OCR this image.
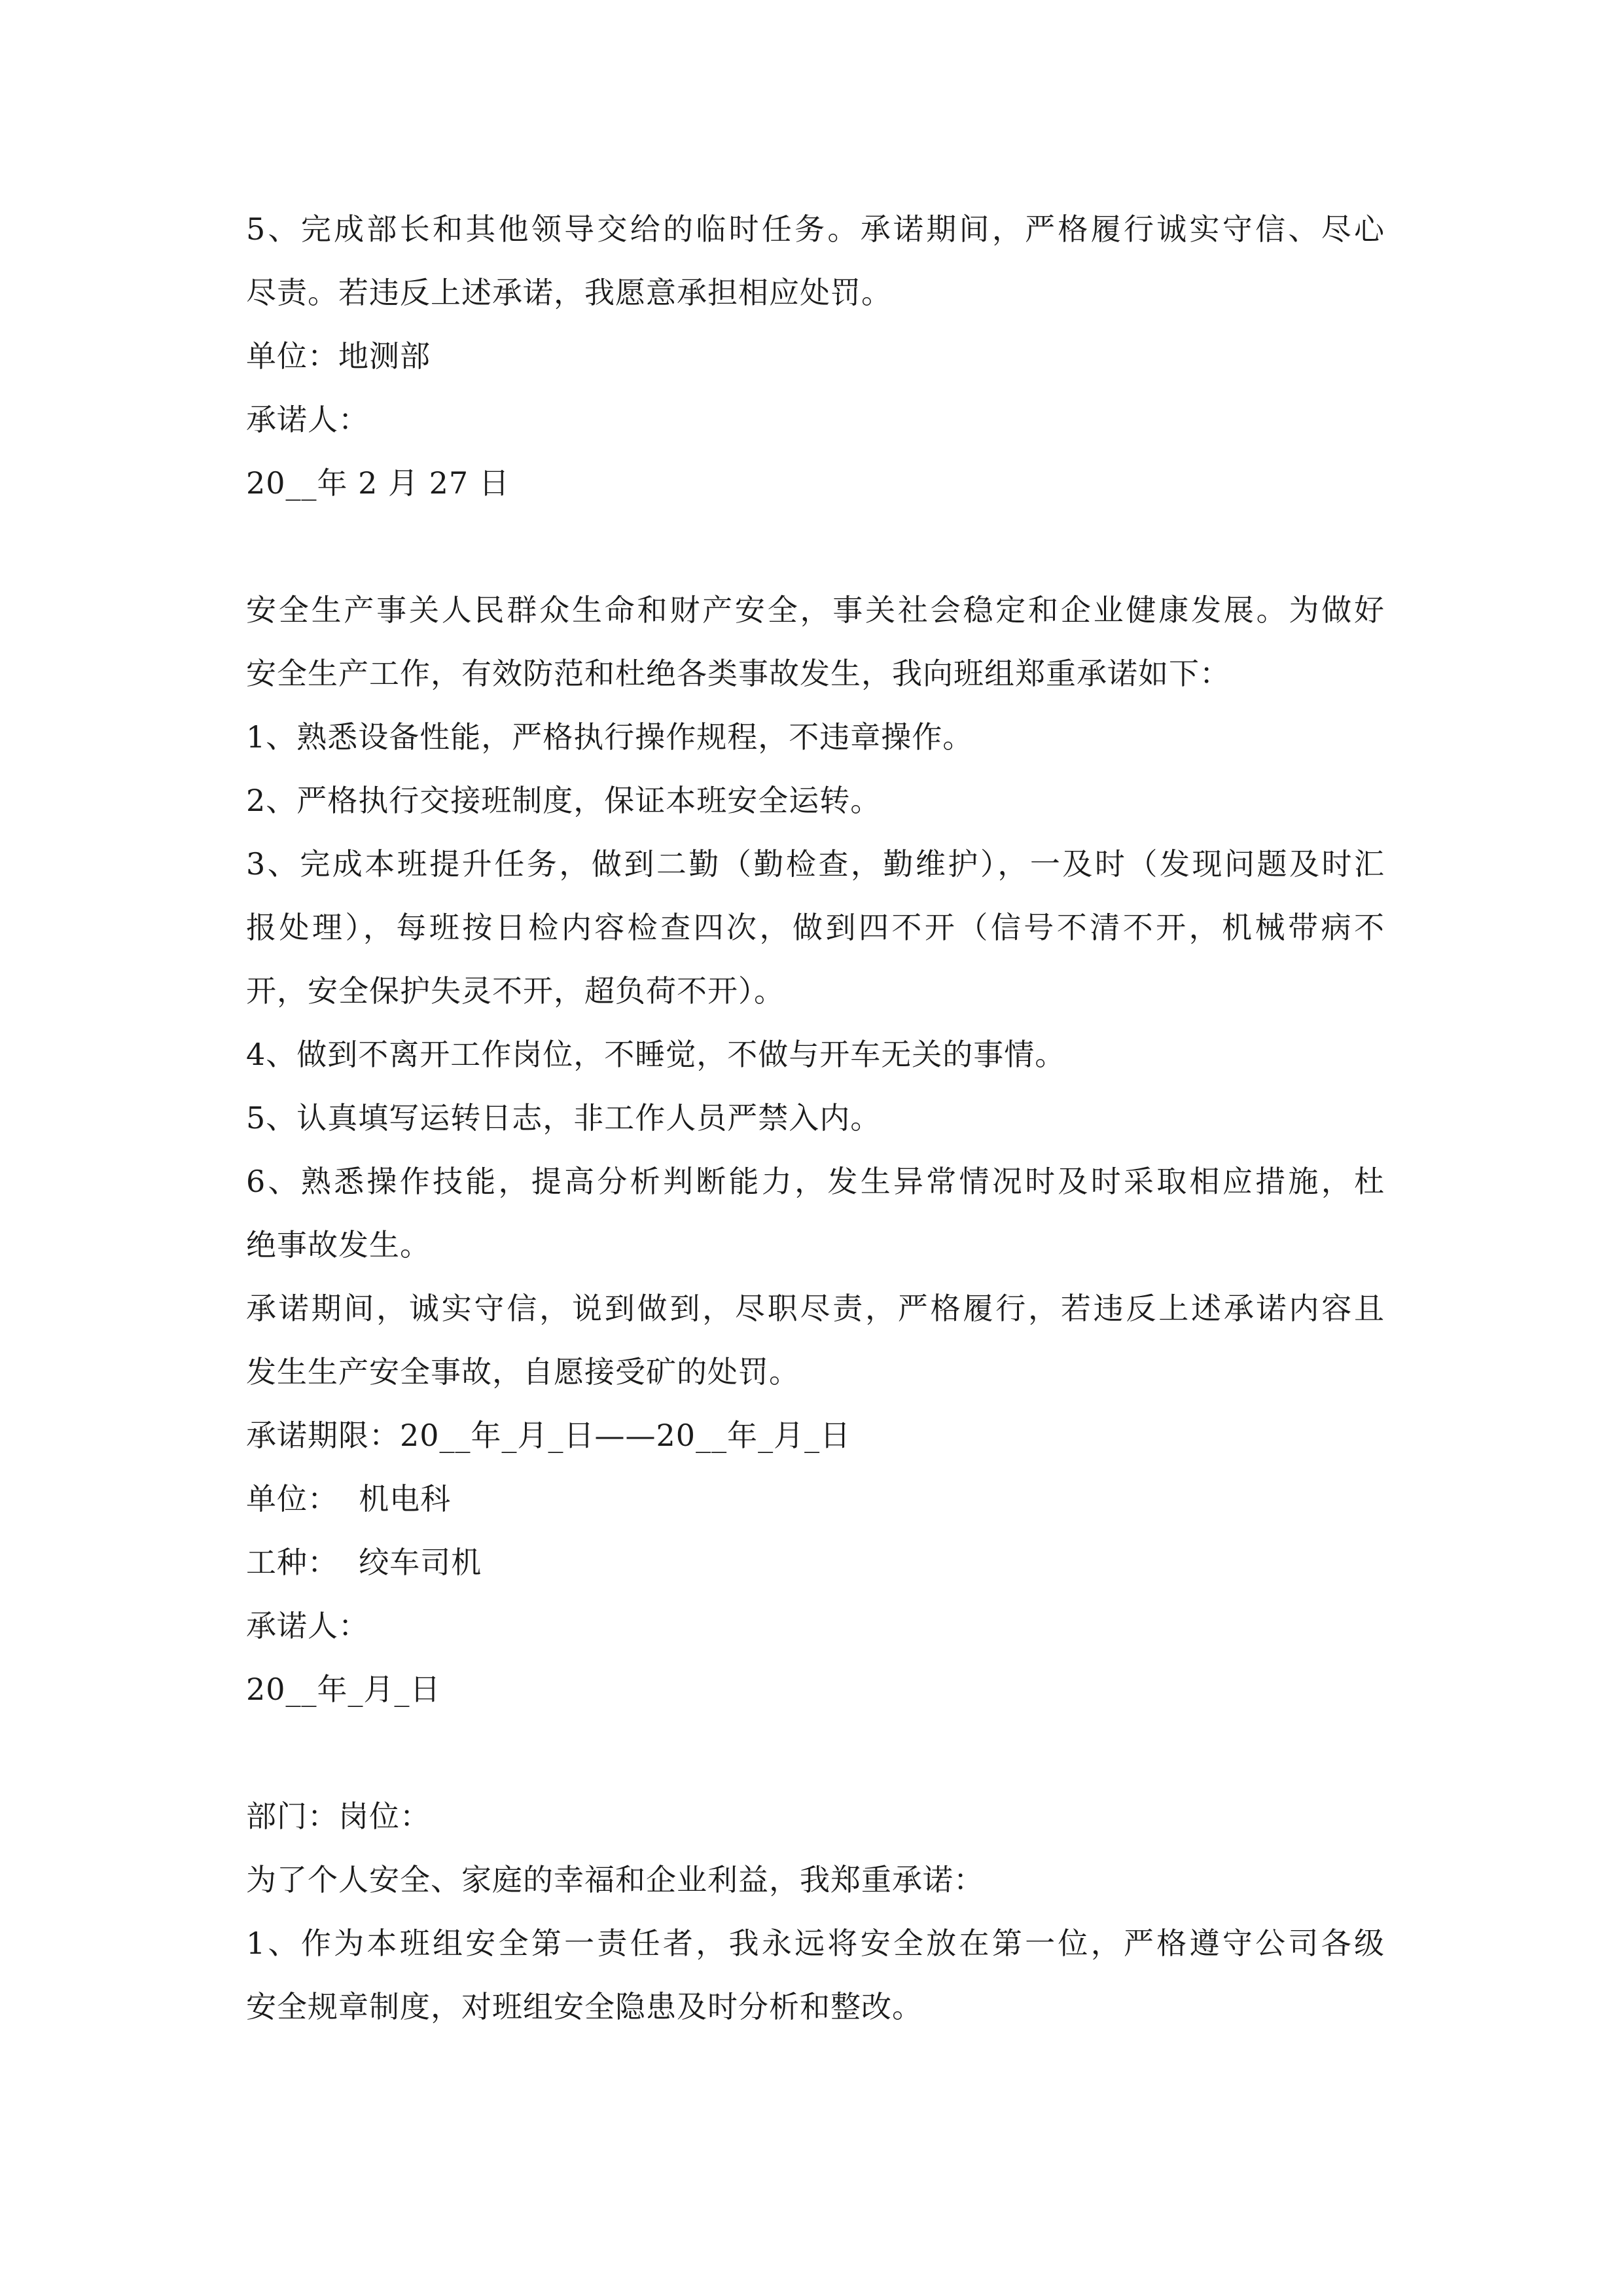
5、完成部长和其他领导交给的临时任务。承诺期间，严格履行诚实守信、尽心
尽责。若违反上述承诺，我愿意承担相应处罚。
单位：地测部
承诺人：
20__年 2 月 27 日
安全生产事关人民群众生命和财产安全，事关社会稳定和企业健康发展。为做好
安全生产工作，有效防范和杜绝各类事故发生，我向班组郑重承诺如下：
1、熟悉设备性能，严格执行操作规程，不违章操作。
2、严格执行交接班制度，保证本班安全运转。
3、完成本班提升任务，做到二勤（勤检查，勤维护），一及时（发现问题及时汇
报处理），每班按日检内容检查四次，做到四不开（信号不清不开，机械带病不
开，安全保护失灵不开，超负荷不开）。
4、做到不离开工作岗位，不睡觉，不做与开车无关的事情。
5、认真填写运转日志，非工作人员严禁入内。
6、熟悉操作技能，提高分析判断能力，发生异常情况时及时采取相应措施，杜
绝事故发生。
承诺期间，诚实守信，说到做到，尽职尽责，严格履行，若违反上述承诺内容且
发生生产安全事故，自愿接受矿的处罚。
承诺期限：20__年_月_日——20__年_月_日
单位：  机电科
工种：  绞车司机
承诺人：
20__年_月_日
部门：岗位：
为了个人安全、家庭的幸福和企业利益，我郑重承诺：
1、作为本班组安全第一责任者，我永远将安全放在第一位，严格遵守公司各级
安全规章制度，对班组安全隐患及时分析和整改。
